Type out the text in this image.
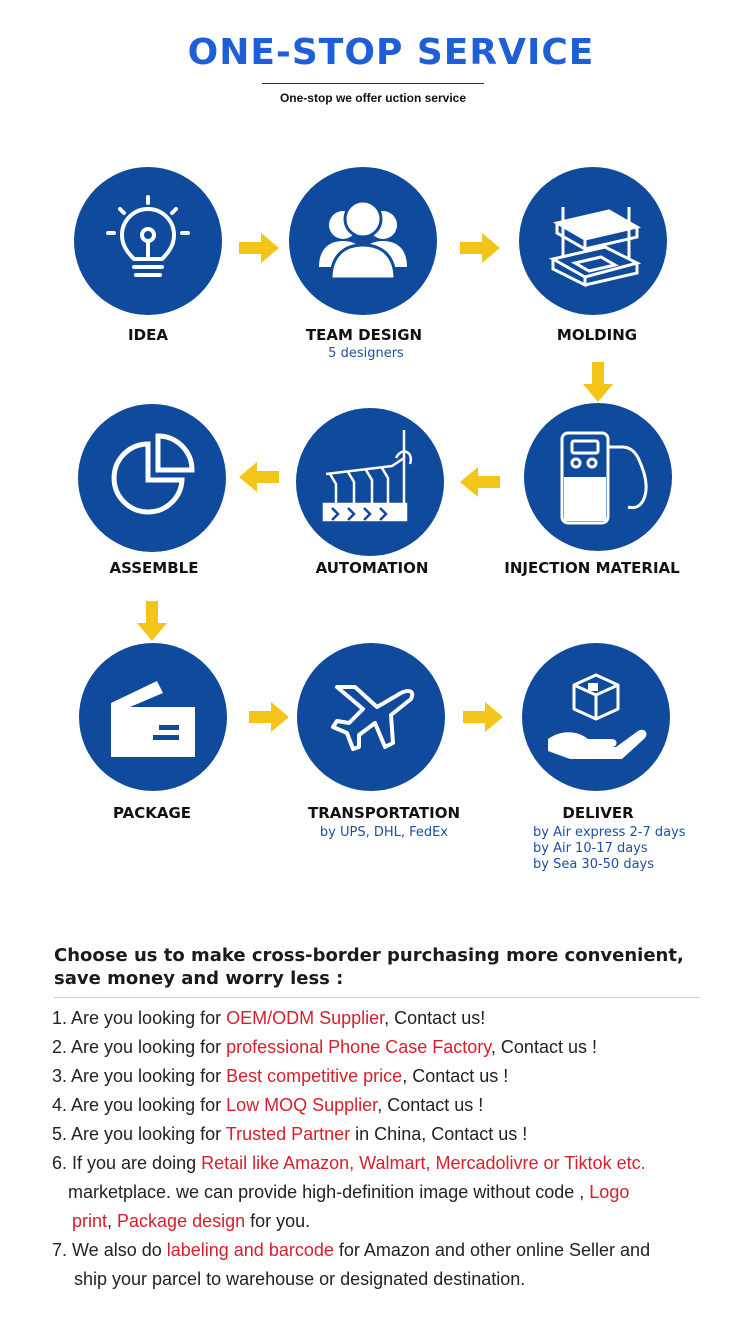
ONE-STOP SERVICE
One-stop we offer uction service
IDEA	TEAM DESIGN
5 designers
MOLDING
INJECTION MATERIAL
AUTOMATION
ASSEMBLE
PACKAGE	TRANSPORTATION
by UPS, DHL, FedEx
DELIVER
by Air express 2-7 days
by Air 10-17 days
by Sea 30-50 days
Choose us to make cross-border purchasing more convenient,
save money and worry less :
1. Are you looking for OEM/ODM Supplier, Contact us!
2. Are you looking for professional Phone Case Factory, Contact us !
3. Are you looking for Best competitive price, Contact us !
4. Are you looking for Low MOQ Supplier, Contact us !
5. Are you looking for Trusted Partner in China, Contact us !
6. If you are doing Retail like Amazon, Walmart, Mercadolivre or Tiktok etc.
marketplace. we can provide high-definition image without code , Logo
print, Package design for you.
7. We also do labeling and barcode for Amazon and other online Seller and
ship your parcel to warehouse or designated destination.
